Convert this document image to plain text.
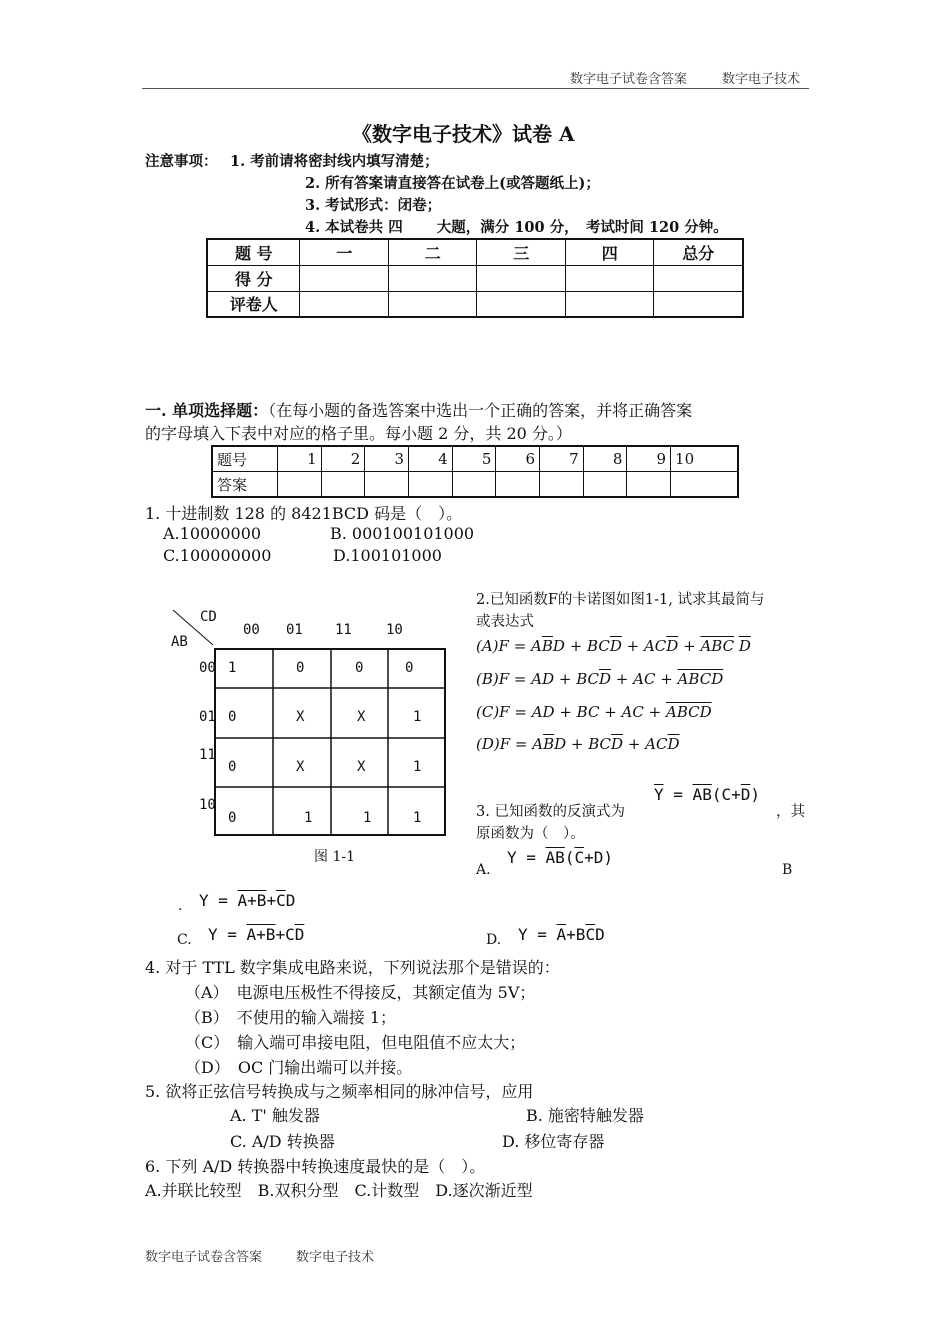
数字电子试卷含答案	数字电子技术
《数字电子技术》试卷 A
注意事项： 1. 考前请将密封线内填写清楚；
2. 所有答案请直接答在试卷上(或答题纸上)；
3. 考试形式：闭卷；
4. 本试卷共 四　　 大题，满分 100 分，　考试时间 120 分钟。
题 号	一	二	三	四	总分
得 分					
评卷人					
一. 单项选择题：（在每小题的备选答案中选出一个正确的答案，并将正确答案
的字母填入下表中对应的格子里。每小题 2 分，共 20 分。）
题号	1	2	3	4	5	6	7	8	9	10
答案										
1. 十进制数 128 的 8421BCD 码是（　）。
A.10000000	B. 000100101000
C.100000000	D.100101000
CD
AB
00 01 11 10
00
01
11
10
1	0	0	0
0	X	X	1
0	X	X	1
0	1	1	1
图 1-1
2.已知函数F的卡诺图如图1-1, 试求其最简与
或表达式
$(A)F = A\overline{B}D + BC\overline{D} + AC\overline{D} + \overline{ABC}$ $\overline{D}$
(B)F = AD + $BC\overline{D}$ + AC + $\overline{A}\overline{B}\overline{C}\overline{D}$
(C)F = AD + BC + AC + $\overline{A}\overline{B}\overline{C}\overline{D}$
$(D)F = A\overline{B}D + BC\overline{D} + AC\overline{D}$
3. 已知函数的反演式为
$\overline{Y} = AB(C+\overline{D})$
，其
原函数为（　）。
A.
$Y = AB(\overline{C}+D)$
B
. $Y = A+B+\overline{C}D$
C. $Y = A+B+C\overline{D}$	D. $Y = \overline{A}+B\overline{C}D$
4. 对于 TTL 数字集成电路来说，下列说法那个是错误的：
（A）　电源电压极性不得接反，其额定值为 5V；
（B）　不使用的输入端接 1；
（C）　输入端可串接电阻，但电阻值不应太大；
（D）　OC 门输出端可以并接。
5. 欲将正弦信号转换成与之频率相同的脉冲信号，应用
A. T' 触发器	B. 施密特触发器
C. A/D 转换器	D. 移位寄存器
6. 下列 A/D 转换器中转换速度最快的是（　）。
A.并联比较型　B.双积分型　C.计数型　D.逐次渐近型
数字电子试卷含答案	数字电子技术
